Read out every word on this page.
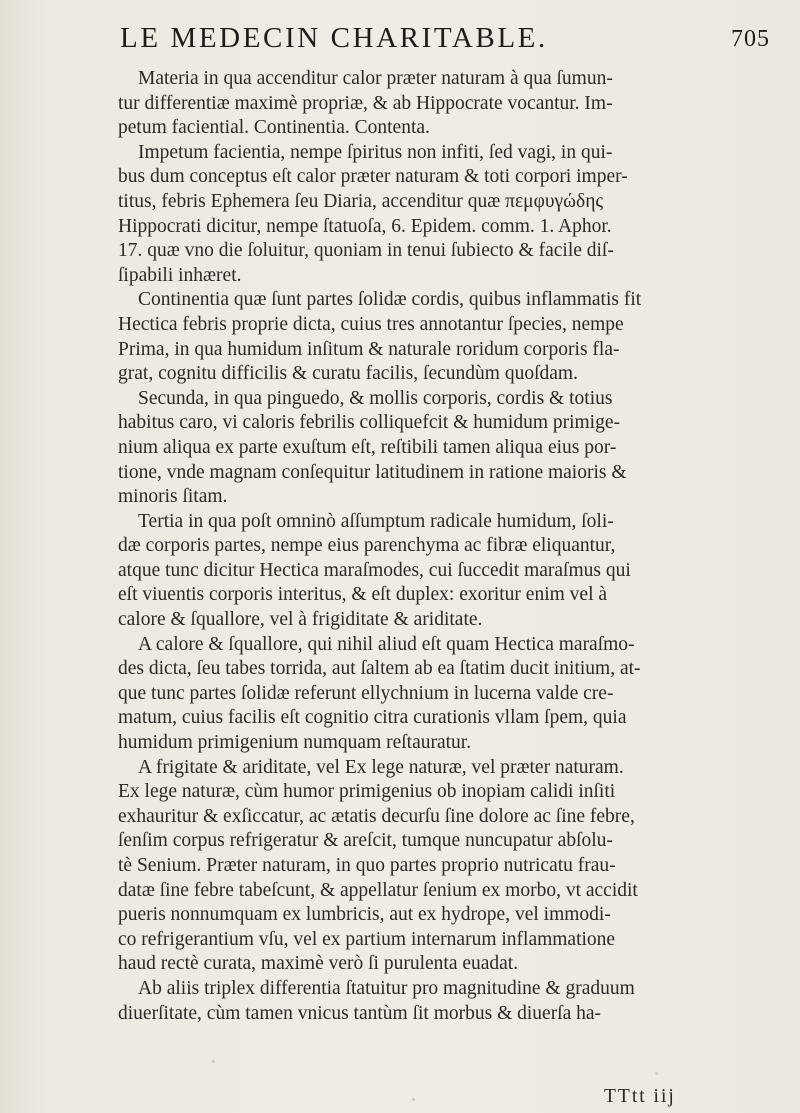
LE MEDECIN CHARITABLE.	705
Materia in qua accenditur calor præter naturam à qua ſumun-
tur differentiæ maximè propriæ, & ab Hippocrate vocantur. Im-
petum faciential. Continentia. Contenta.
Impetum facientia, nempe ſpiritus non infiti, ſed vagi, in qui-
bus dum conceptus eſt calor præter naturam & toti corpori imper-
titus, febris Ephemera ſeu Diaria, accenditur quæ πεμφυγώδης
Hippocrati dicitur, nempe ſtatuoſa, 6. Epidem. comm. 1. Aphor.
17. quæ vno die ſoluitur, quoniam in tenui ſubiecto & facile diſ-
ſipabili inhæret.
Continentia quæ ſunt partes ſolidæ cordis, quibus inflammatis fit
Hectica febris proprie dicta, cuius tres annotantur ſpecies, nempe
Prima, in qua humidum inſitum & naturale roridum corporis fla-
grat, cognitu difficilis & curatu facilis, ſecundùm quoſdam.
Secunda, in qua pinguedo, & mollis corporis, cordis & totius
habitus caro, vi caloris febrilis colliquefcit & humidum primige-
nium aliqua ex parte exuſtum eſt, reſtibili tamen aliqua eius por-
tione, vnde magnam conſequitur latitudinem in ratione maioris &
minoris ſitam.
Tertia in qua poſt omninò aſſumptum radicale humidum, ſoli-
dæ corporis partes, nempe eius parenchyma ac fibræ eliquantur,
atque tunc dicitur Hectica maraſmodes, cui ſuccedit maraſmus qui
eſt viuentis corporis interitus, & eſt duplex: exoritur enim vel à
calore & ſquallore, vel à frigiditate & ariditate.
A calore & ſquallore, qui nihil aliud eſt quam Hectica maraſmo-
des dicta, ſeu tabes torrida, aut ſaltem ab ea ſtatim ducit initium, at-
que tunc partes ſolidæ referunt ellychnium in lucerna valde cre-
matum, cuius facilis eſt cognitio citra curationis vllam ſpem, quia
humidum primigenium numquam reſtauratur.
A frigitate & ariditate, vel Ex lege naturæ, vel præter naturam.
Ex lege naturæ, cùm humor primigenius ob inopiam calidi inſiti
exhauritur & exſiccatur, ac ætatis decurſu ſine dolore ac ſine febre,
ſenſim corpus refrigeratur & areſcit, tumque nuncupatur abſolu-
tè Senium. Præter naturam, in quo partes proprio nutricatu frau-
datæ ſine febre tabeſcunt, & appellatur ſenium ex morbo, vt accidit
pueris nonnumquam ex lumbricis, aut ex hydrope, vel immodi-
co refrigerantium vſu, vel ex partium internarum inflammatione
haud rectè curata, maximè verò ſi purulenta euadat.
Ab aliis triplex differentia ſtatuitur pro magnitudine & graduum
diuerſitate, cùm tamen vnicus tantùm ſit morbus & diuerſa ha-
TTtt iij
